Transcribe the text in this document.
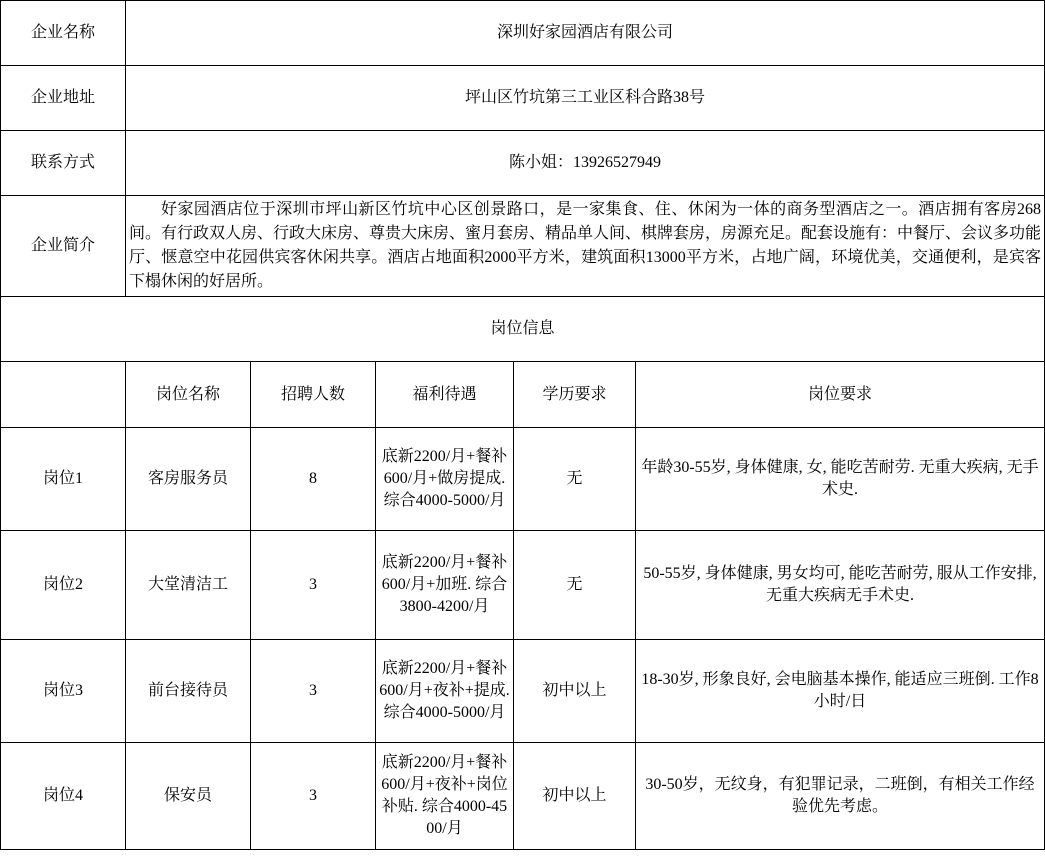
企业名称	深圳好家园酒店有限公司				
企业地址	坪山区竹坑第三工业区科合路38号				
联系方式	陈小姐：13926527949				
企业简介	好家园酒店位于深圳市坪山新区竹坑中心区创景路口，是一家集食、住、休闲为一体的商务型酒店之一。酒店拥有客房268间。有行政双人房、行政大床房、尊贵大床房、蜜月套房、精品单人间、棋牌套房，房源充足。配套设施有：中餐厅、会议多功能厅、惬意空中花园供宾客休闲共享。酒店占地面积2000平方米，建筑面积13000平方米，占地广阔，环境优美，交通便利，是宾客下榻休闲的好居所。				

岗位信息					
	岗位名称	招聘人数	福利待遇	学历要求	岗位要求
岗位1	客房服务员	8	底新2200/月+餐补600/月+做房提成. 综合4000-5000/月	无	年龄30-55岁, 身体健康, 女, 能吃苦耐劳. 无重大疾病, 无手术史.
岗位2	大堂清洁工	3	底新2200/月+餐补600/月+加班. 综合3800-4200/月	无	50-55岁, 身体健康, 男女均可, 能吃苦耐劳, 服从工作安排, 无重大疾病无手术史.
岗位3	前台接待员	3	底新2200/月+餐补600/月+夜补+提成. 综合4000-5000/月	初中以上	18-30岁, 形象良好, 会电脑基本操作, 能适应三班倒. 工作8小时/日
岗位4	保安员	3	底新2200/月+餐补600/月+夜补+岗位补贴. 综合4000-4500/月	初中以上	30-50岁，无纹身，有犯罪记录，二班倒，有相关工作经验优先考虑。
